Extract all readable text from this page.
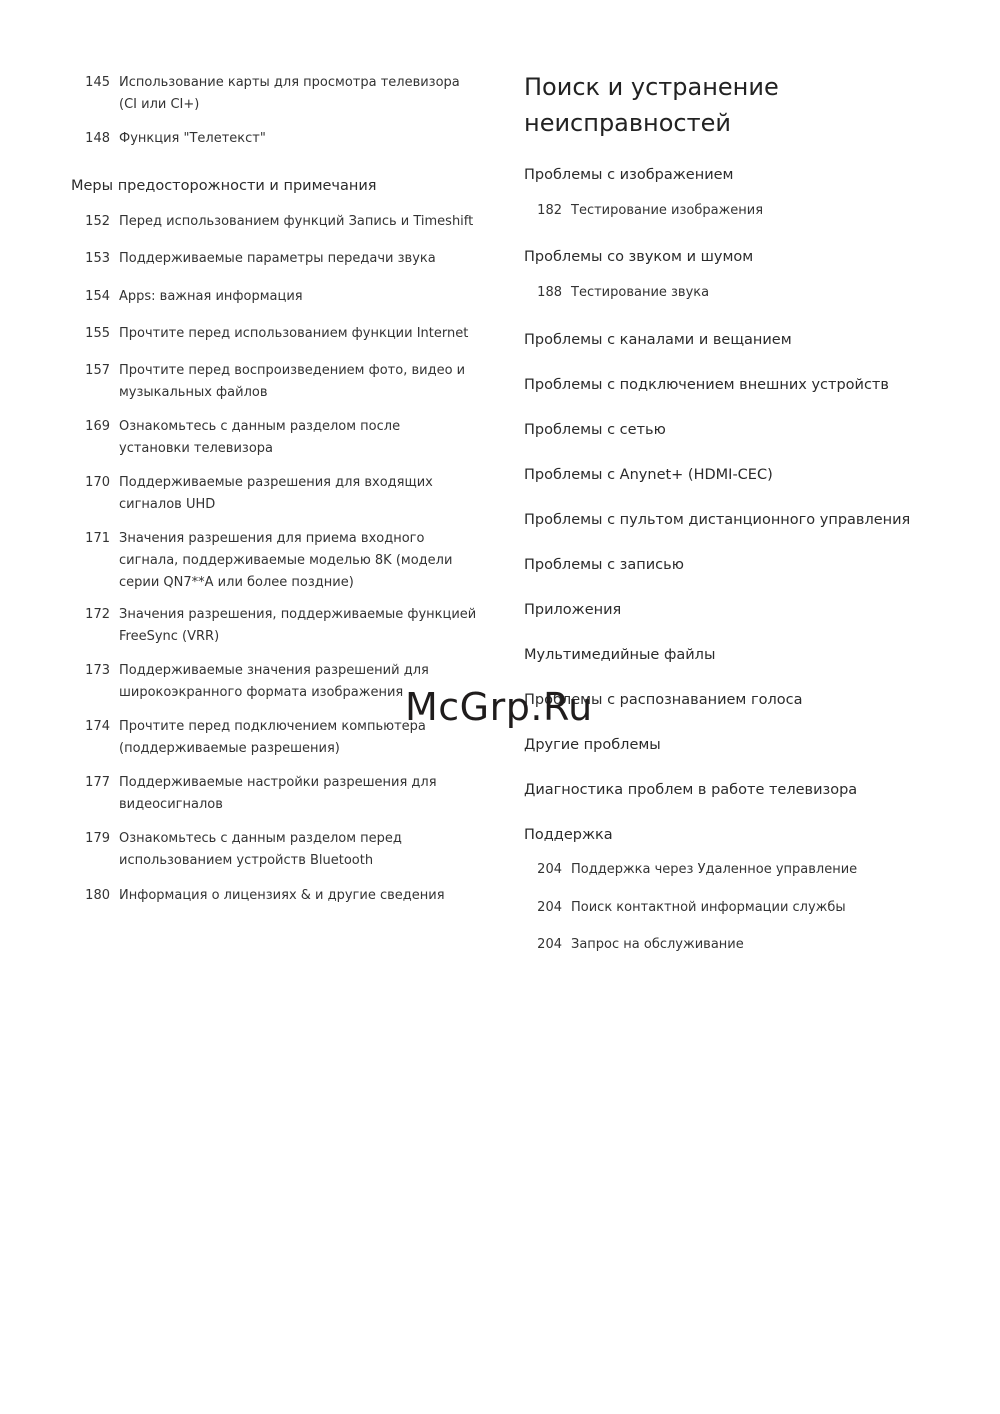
145 Использование карты для просмотра телевизора (CI или CI+)
148 Функция "Телетекст"
Меры предосторожности и примечания
152 Перед использованием функций Запись и Timeshift
153 Поддерживаемые параметры передачи звука
154 Apps: важная информация
155 Прочтите перед использованием функции Internet
157 Прочтите перед воспроизведением фото, видео и музыкальных файлов
169 Ознакомьтесь с данным разделом после установки телевизора
170 Поддерживаемые разрешения для входящих сигналов UHD
171 Значения разрешения для приема входного сигнала, поддерживаемые моделью 8K (модели серии QN7**A или более поздние)
172 Значения разрешения, поддерживаемые функцией FreeSync (VRR)
173 Поддерживаемые значения разрешений для широкоэкранного формата изображения
174 Прочтите перед подключением компьютера (поддерживаемые разрешения)
177 Поддерживаемые настройки разрешения для видеосигналов
179 Ознакомьтесь с данным разделом перед использованием устройств Bluetooth
180 Информация о лицензиях & и другие сведения
Поиск и устранение неисправностей
Проблемы с изображением
182 Тестирование изображения
Проблемы со звуком и шумом
188 Тестирование звука
Проблемы с каналами и вещанием
Проблемы с подключением внешних устройств
Проблемы с сетью
Проблемы с Anynet+ (HDMI-CEC)
Проблемы с пультом дистанционного управления
Проблемы с записью
Приложения
Мультимедийные файлы
Проблемы с распознаванием голоса
Другие проблемы
Диагностика проблем в работе телевизора
Поддержка
204 Поддержка через Удаленное управление
204 Поиск контактной информации службы
204 Запрос на обслуживание
McGrp.Ru
